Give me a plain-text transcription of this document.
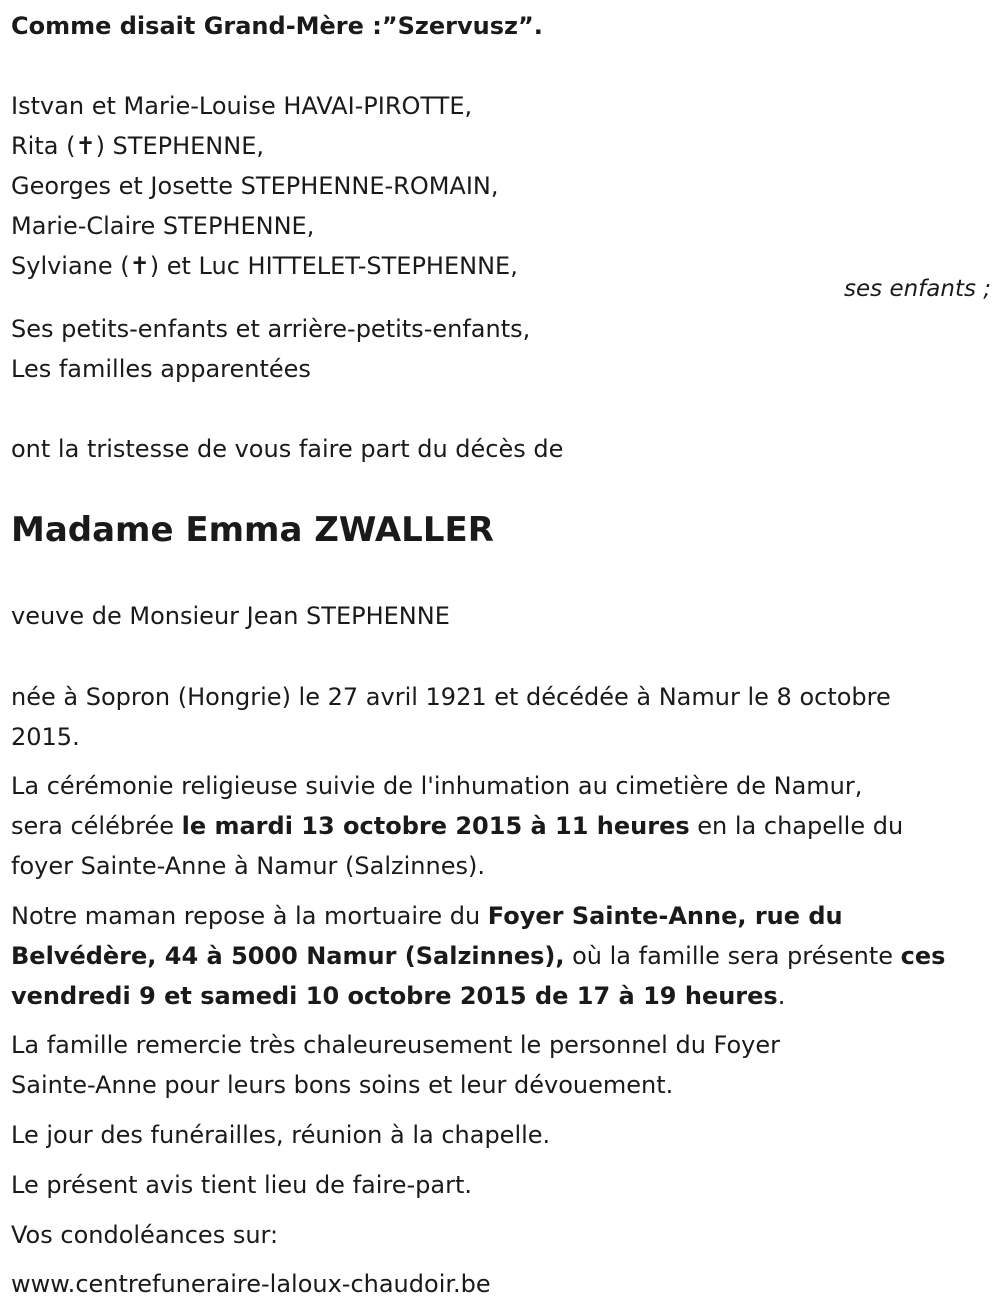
Comme disait Grand-Mère :”Szervusz”.
Istvan et Marie-Louise HAVAI-PIROTTE,
Rita (✝) STEPHENNE,
Georges et Josette STEPHENNE-ROMAIN,
Marie-Claire STEPHENNE,
Sylviane (✝) et Luc HITTELET-STEPHENNE,
ses enfants ;
Ses petits-enfants et arrière-petits-enfants,
Les familles apparentées
ont la tristesse de vous faire part du décès de
Madame Emma ZWALLER
veuve de Monsieur Jean STEPHENNE
née à Sopron (Hongrie) le 27 avril 1921 et décédée à Namur le 8 octobre
2015.
La cérémonie religieuse suivie de l'inhumation au cimetière de Namur,
sera célébrée le mardi 13 octobre 2015 à 11 heures en la chapelle du
foyer Sainte-Anne à Namur (Salzinnes).
Notre maman repose à la mortuaire du Foyer Sainte-Anne, rue du
Belvédère, 44 à 5000 Namur (Salzinnes), où la famille sera présente ces
vendredi 9 et samedi 10 octobre 2015 de 17 à 19 heures.
La famille remercie très chaleureusement le personnel du Foyer
Sainte-Anne pour leurs bons soins et leur dévouement.
Le jour des funérailles, réunion à la chapelle.
Le présent avis tient lieu de faire-part.
Vos condoléances sur:
www.centrefuneraire-laloux-chaudoir.be
